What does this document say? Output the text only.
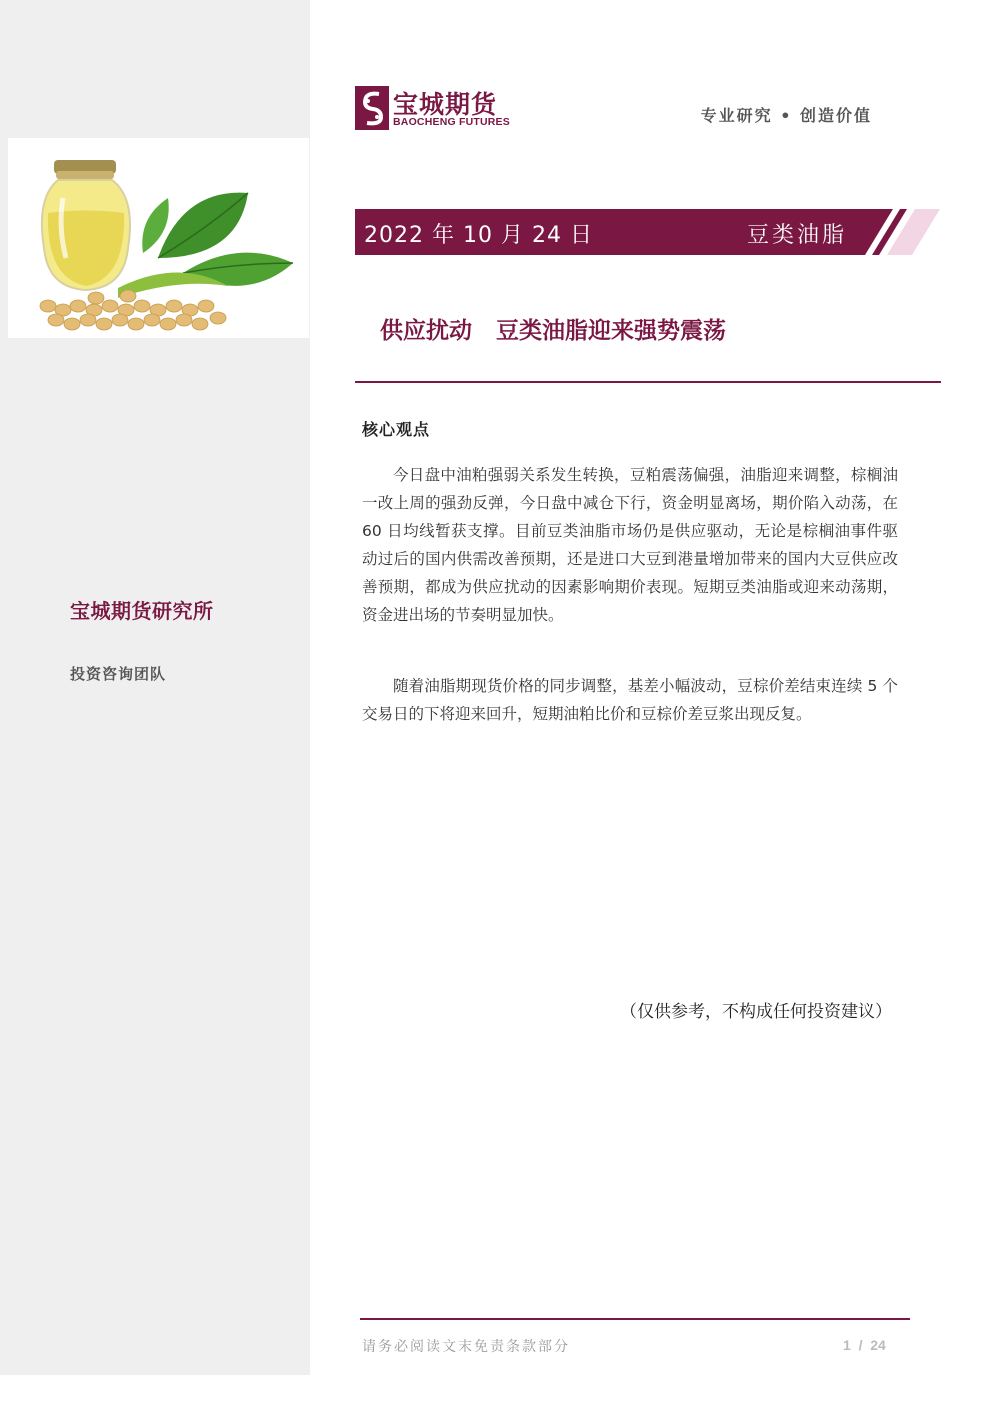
宝城期货研究所
投资咨询团队
宝城期货
BAOCHENG FUTURES	专业研究 • 创造价值
2022 年 10 月 24 日	豆类油脂
供应扰动   豆类油脂迎来强势震荡
核心观点

今日盘中油粕强弱关系发生转换，豆粕震荡偏强，油脂迎来调整，棕榈油一改上周的强劲反弹，今日盘中减仓下行，资金明显离场，期价陷入动荡，在 60 日均线暂获支撑。目前豆类油脂市场仍是供应驱动，无论是棕榈油事件驱动过后的国内供需改善预期，还是进口大豆到港量增加带来的国内大豆供应改善预期，都成为供应扰动的因素影响期价表现。短期豆类油脂或迎来动荡期，资金进出场的节奏明显加快。

随着油脂期现货价格的同步调整，基差小幅波动，豆棕价差结束连续 5 个交易日的下将迎来回升，短期油粕比价和豆棕价差豆浆出现反复。

（仅供参考，不构成任何投资建议）
请务必阅读文末免责条款部分	1  /  24
